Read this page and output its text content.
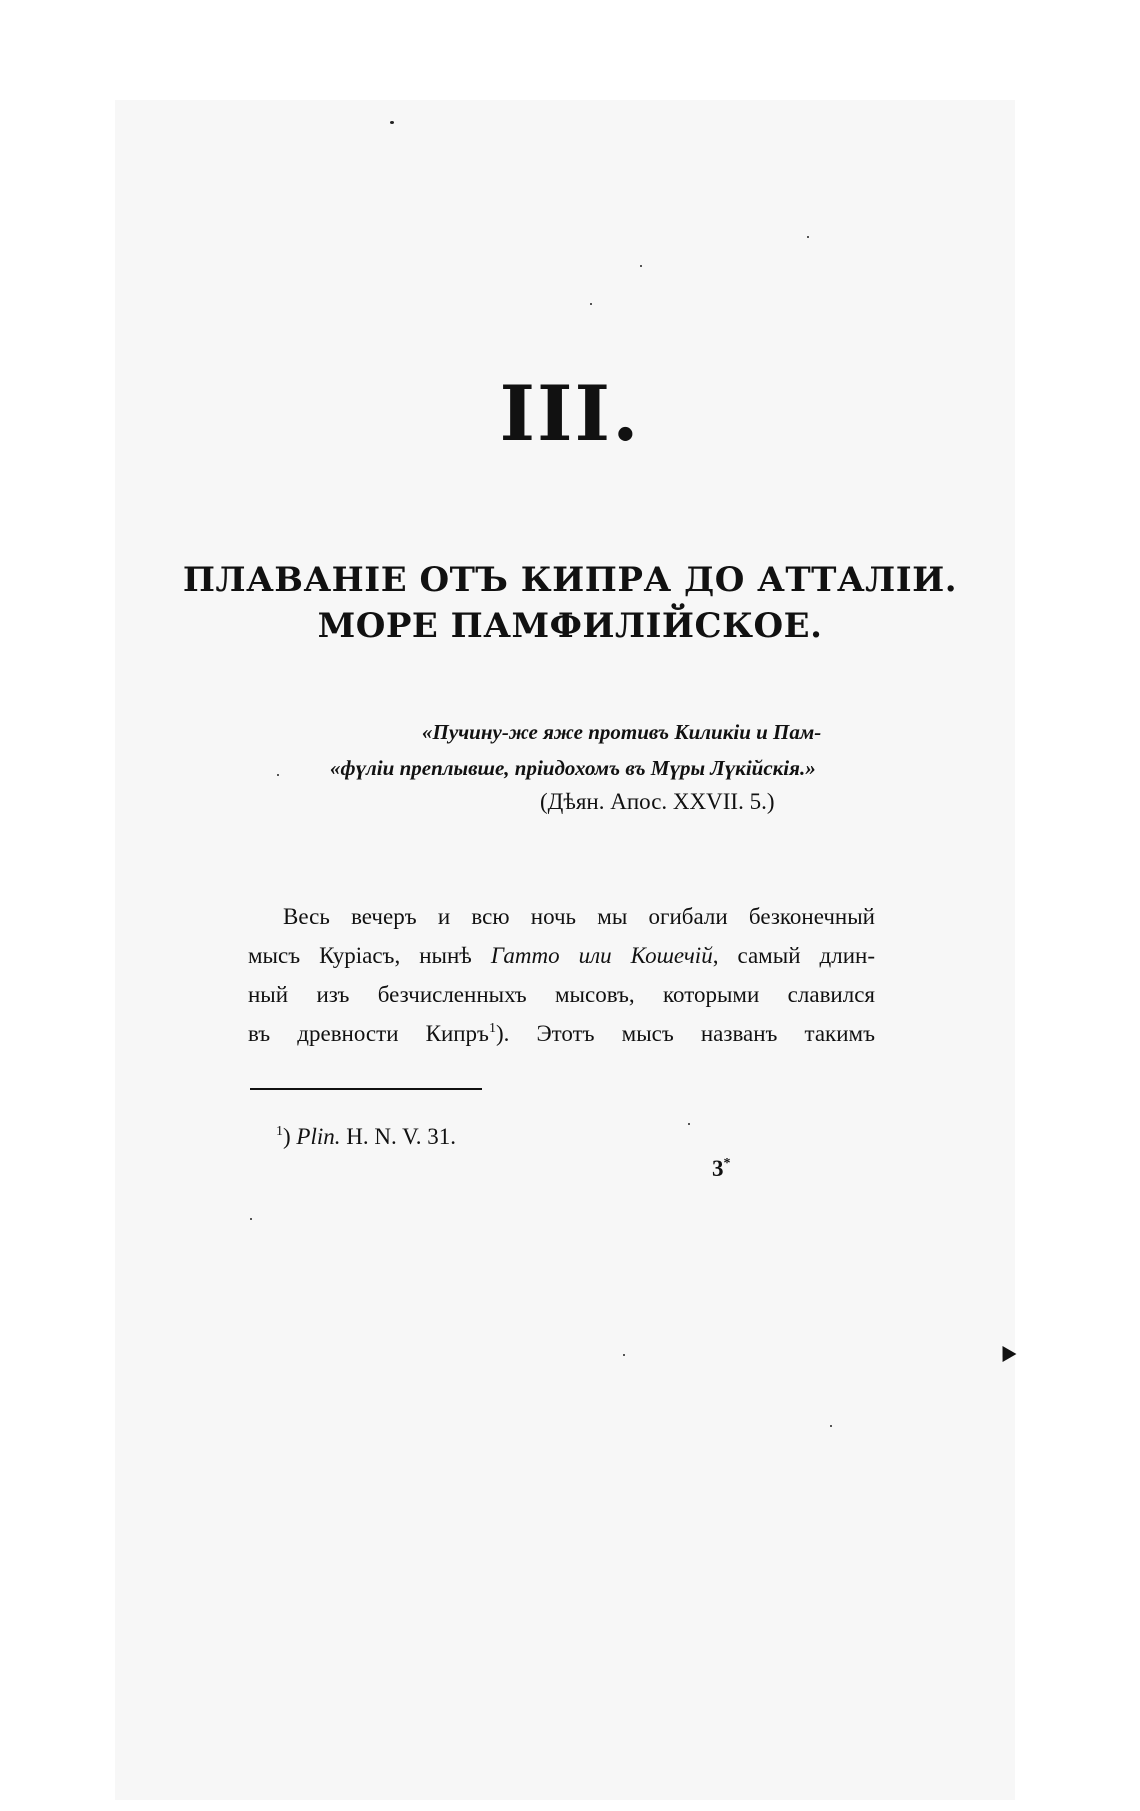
III.
ПЛАВАНІЕ ОТЪ КИПРА ДО АТТАЛІИ.
МОРЕ ПАМФИЛІЙСКОЕ.
«Пучину-же яже противъ Киликіи и Пам-
«фүліи преплывше, пріидохомъ въ Мүры Лүкійскія.»
(Дѣян. Апос. XXVII. 5.)
Весь вечеръ и всю ночь мы огибали безконечный
мысъ Куріасъ, нынѣ Гатто или Кошечій, самый длин-
ный изъ безчисленныхъ мысовъ, которыми славился
въ древности Кипръ$^1$). Этотъ мысъ названъ такимъ
$^1$) Plin. H. N. V. 31.
3*
